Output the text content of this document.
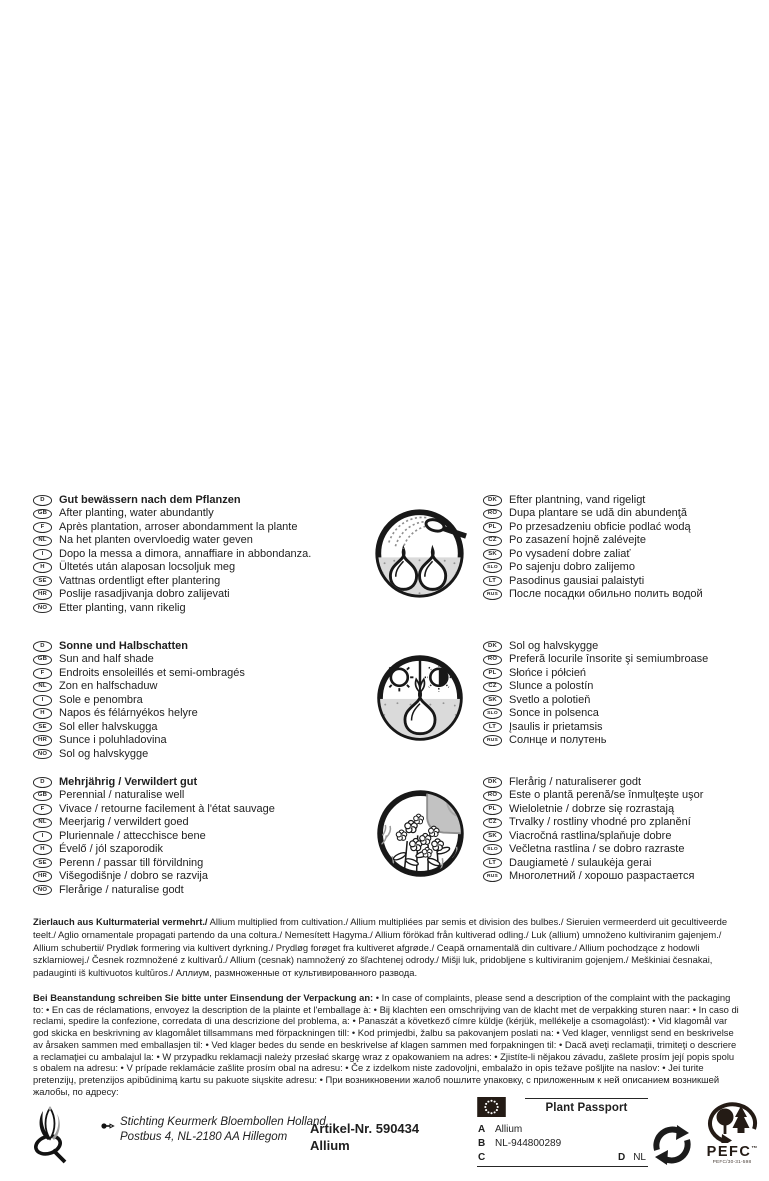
D	Gut bewässern nach dem Pflanzen
GB	After planting, water abundantly
F	Après plantation, arroser abondamment la plante
NL	Na het planten overvloedig water geven
I	Dopo la messa a dimora, annaffiare in abbondanza.
H	Ültetés után alaposan locsoljuk meg
SE	Vattnas ordentligt efter plantering
HR	Poslije rasadjivanja dobro zalijevati
NO	Etter planting, vann rikelig
DK	Efter plantning, vand rigeligt
RO	Dupa plantare se udă din abundenţă
PL	Po przesadzeniu obficie podlać wodą
CZ	Po zasazení hojně zalévejte
SK	Po vysadení dobre zaliať
SLO	Po sajenju dobro zalijemo
LT	Pasodinus gausiai palaistyti
RUS	После посадки обильно полить водой
D	Sonne und Halbschatten
GB	Sun and half shade
F	Endroits ensoleillés et semi-ombragés
NL	Zon en halfschaduw
I	Sole e penombra
H	Napos és félárnyékos helyre
SE	Sol eller halvskugga
HR	Sunce i poluhladovina
NO	Sol og halvskygge
DK	Sol og halvskygge
RO	Preferă locurile însorite şi semiumbroase
PL	Słońce i półcień
CZ	Slunce a polostín
SK	Svetlo a polotieň
SLO	Sonce in polsenca
LT	Įsaulis ir prietamsis
RUS	Солнце и полутень
D	Mehrjährig / Verwildert gut
GB	Perennial / naturalise well
F	Vivace / retourne facilement à l'état sauvage
NL	Meerjarig / verwildert goed
I	Pluriennale / attecchisce bene
H	Évelő / jól szaporodik
SE	Perenn / passar till förvildning
HR	Višegodišnje / dobro se razvija
NO	Flerårige / naturalise godt
DK	Flerårig / naturaliserer godt
RO	Este o plantă perenă/se înmulţeşte uşor
PL	Wieloletnie / dobrze się rozrastają
CZ	Trvalky / rostliny vhodné pro zplanění
SK	Viacročná rastlina/splaňuje dobre
SLO	Večletna rastlina / se dobro razraste
LT	Daugiametė / sulaukėja gerai
RUS	Многолетний / хорошо разрастается

Zierlauch aus Kulturmaterial vermehrt./ Allium multiplied from cultivation./ Allium multipliées par semis et division des bulbes./ Sieruien vermeerderd uit gecultiveerde teelt./ Aglio ornamentale propagati partendo da una coltura./ Nemesített Hagyma./ Allium förökad från kultiverad odling./ Luk (allium) umnoženo kultiviranim gajenjem./ Allium schubertii/ Prydløk formering via kultivert dyrkning./ Prydløg forøget fra kultiveret afgrøde./ Ceapă ornamentală din cultivare./ Allium pochodzące z hodowli szklarniowej./ Česnek rozmnožené z kultivarů./ Allium (cesnak) namnožený zo šľachtenej odrody./ Mišji luk, pridobljene s kultiviranim gojenjem./ Meškiniai česnakai, padauginti iš kultivuotos kultūros./ Аллиум, размноженные от культивированного развода.

Bei Beanstandung schreiben Sie bitte unter Einsendung der Verpackung an: • In case of complaints, please send a description of the complaint with the packaging to: • En cas de réclamations, envoyez la description de la plainte et l'emballage à: • Bij klachten een omschrijving van de klacht met de verpakking sturen naar: • In caso di reclami, spedire la confezione, corredata di una descrizione del problema, a: • Panaszát a következő címre küldje (kérjük, mellékelje a csomagolást): • Vid klagomål var god skicka en beskrivning av klagomålet tillsammans med förpackningen till: • Kod primjedbi, žalbu sa pakovanjem poslati na: • Ved klager, vennligst send en beskrivelse av årsaken sammen med emballasjen til: • Ved klager bedes du sende en beskrivelse af klagen sammen med forpakningen til: • Dacă aveţi reclamaţii, trimiteţi o descriere a reclamaţiei cu ambalajul la: • W przypadku reklamacji należy przesłać skargę wraz z opakowaniem na adres: • Zjistíte-li nějakou závadu, zašlete prosím její popis spolu s obalem na adresu: • V prípade reklamácie zašlite prosím obal na adresu: • Če z izdelkom niste zadovoljni, embalažo in opis težave pošljite na naslov: • Jei turite pretenzijų, pretenzijos apibūdinimą kartu su pakuote siųskite adresu: • При возникновении жалоб пошлите упаковку, с приложенным к ней описанием возникшей жалобы, по адресу:

Stichting Keurmerk Bloembollen Holland,
Postbus 4, NL-2180 AA Hillegom
Artikel-Nr. 590434
Allium
Plant Passport
A Allium
B NL-944800289
C	D NL	PEFC™
PEFC/30-31-598
